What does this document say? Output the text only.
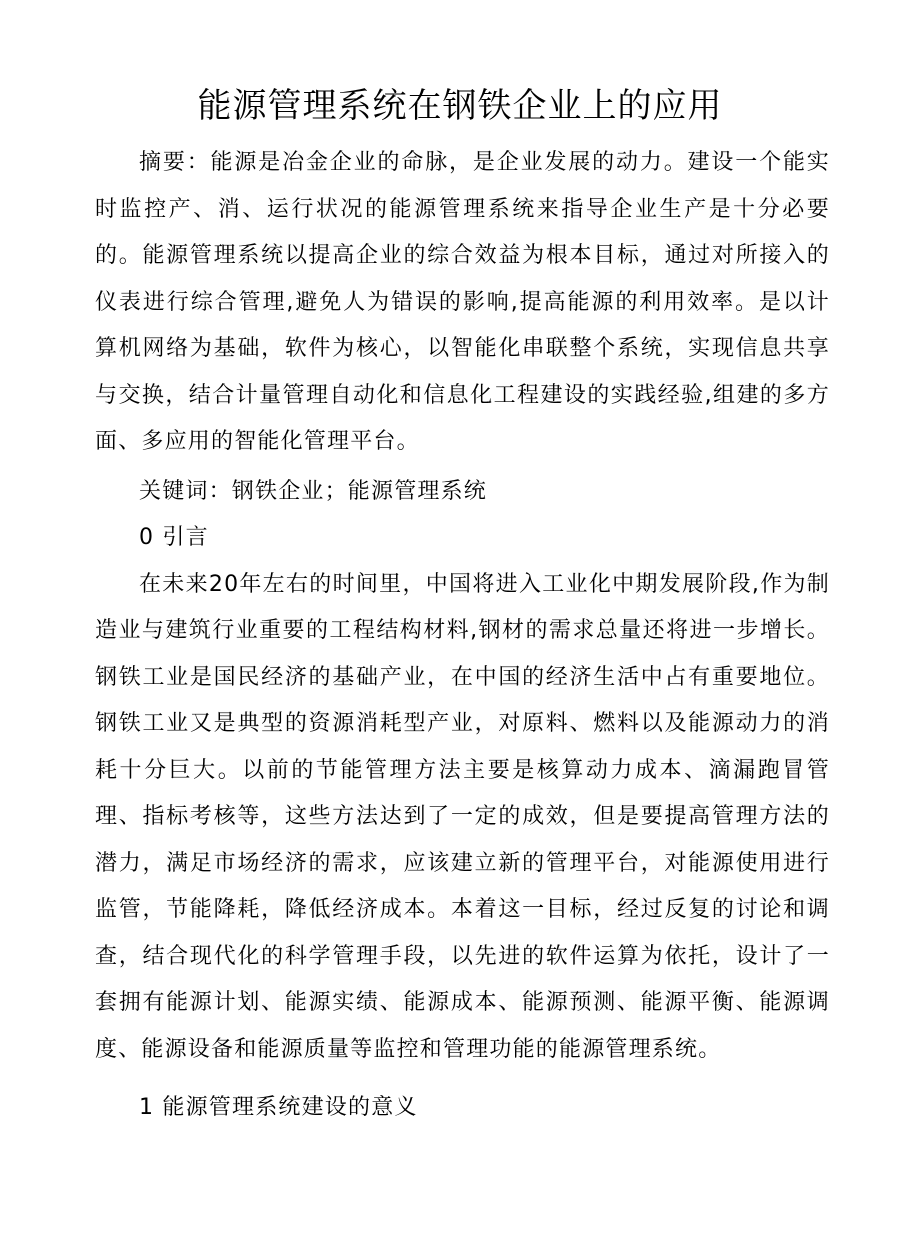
能源管理系统在钢铁企业上的应用

摘要：能源是冶金企业的命脉，是企业发展的动力。建设一个能实时监控产、消、运行状况的能源管理系统来指导企业生产是十分必要的。能源管理系统以提高企业的综合效益为根本目标，通过对所接入的仪表进行综合管理,避免人为错误的影响,提高能源的利用效率。是以计算机网络为基础，软件为核心，以智能化串联整个系统，实现信息共享与交换，结合计量管理自动化和信息化工程建设的实践经验,组建的多方面、多应用的智能化管理平台。

关键词：钢铁企业；能源管理系统

0 引言

在未来20年左右的时间里，中国将进入工业化中期发展阶段,作为制造业与建筑行业重要的工程结构材料,钢材的需求总量还将进一步增长。钢铁工业是国民经济的基础产业，在中国的经济生活中占有重要地位。钢铁工业又是典型的资源消耗型产业，对原料、燃料以及能源动力的消耗十分巨大。以前的节能管理方法主要是核算动力成本、滴漏跑冒管理、指标考核等，这些方法达到了一定的成效，但是要提高管理方法的潜力，满足市场经济的需求，应该建立新的管理平台，对能源使用进行监管，节能降耗，降低经济成本。本着这一目标，经过反复的讨论和调查，结合现代化的科学管理手段，以先进的软件运算为依托，设计了一套拥有能源计划、能源实绩、能源成本、能源预测、能源平衡、能源调度、能源设备和能源质量等监控和管理功能的能源管理系统。

1 能源管理系统建设的意义
